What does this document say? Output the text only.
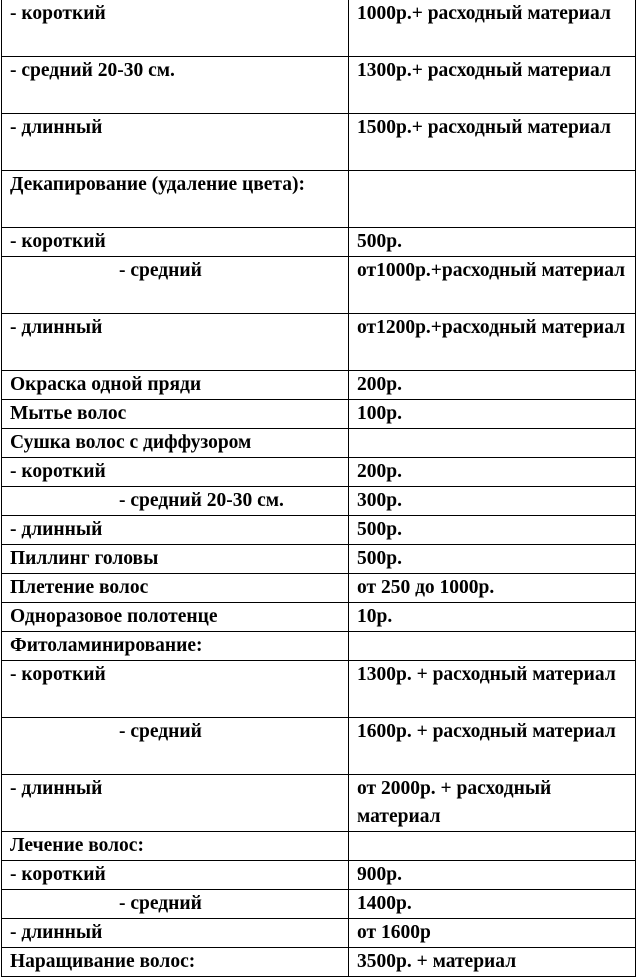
- короткий	1000р.+ расходный материал
- средний 20-30 см.	1300р.+ расходный материал
- длинный	1500р.+ расходный материал
Декапирование (удаление цвета):	
- короткий	500р.
- средний	от1000р.+расходный материал
- длинный	от1200р.+расходный материал
Окраска одной пряди	200р.
Мытье волос	100р.
Сушка волос с диффузором	
- короткий	200р.
- средний 20-30 см.	300р.
- длинный	500р.
Пиллинг головы	500р.
Плетение волос	от 250 до 1000р.
Одноразовое полотенце	10р.
Фитоламинирование:	
- короткий	1300р. + расходный материал
- средний	1600р. + расходный материал
- длинный	от 2000р. + расходный материал
Лечение волос:	
- короткий	900р.
- средний	1400р.
- длинный	от 1600р
Наращивание волос:	3500р. + материал
